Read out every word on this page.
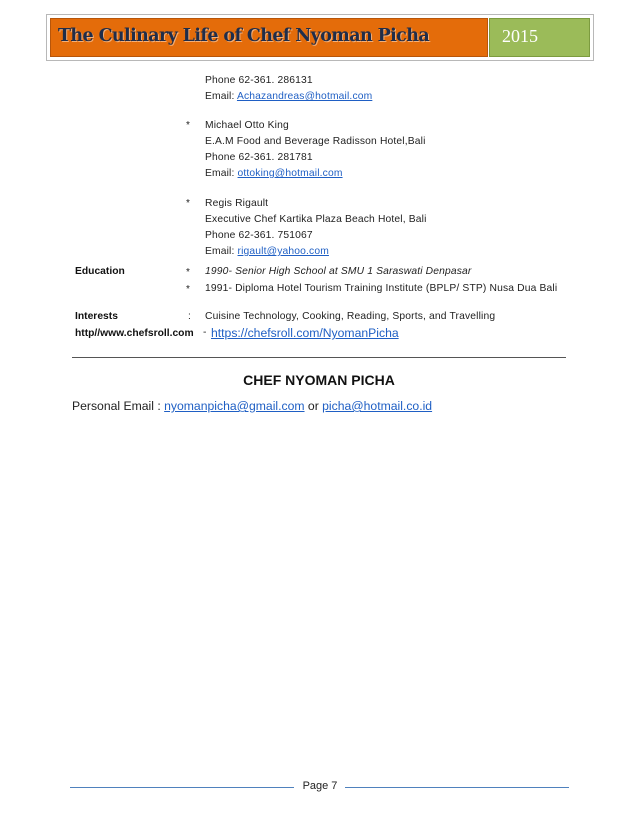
The Culinary Life of Chef Nyoman Picha	2015
Phone 62-361. 286131
Email: Achazandreas@hotmail.com
* Michael Otto King
E.A.M Food and Beverage Radisson Hotel,Bali
Phone 62-361. 281781
Email: ottoking@hotmail.com
* Regis Rigault
Executive Chef Kartika Plaza Beach Hotel, Bali
Phone 62-361. 751067
Email: rigault@yahoo.com
Education	* 1990- Senior High School at SMU 1 Saraswati Denpasar
* 1991- Diploma Hotel Tourism Training Institute (BPLP/ STP) Nusa Dua Bali
Interests	: Cuisine Technology, Cooking, Reading, Sports, and Travelling
http//www.chefsroll.com - https://chefsroll.com/NyomanPicha
CHEF NYOMAN PICHA
Personal Email : nyomanpicha@gmail.com or picha@hotmail.co.id
Page 7
